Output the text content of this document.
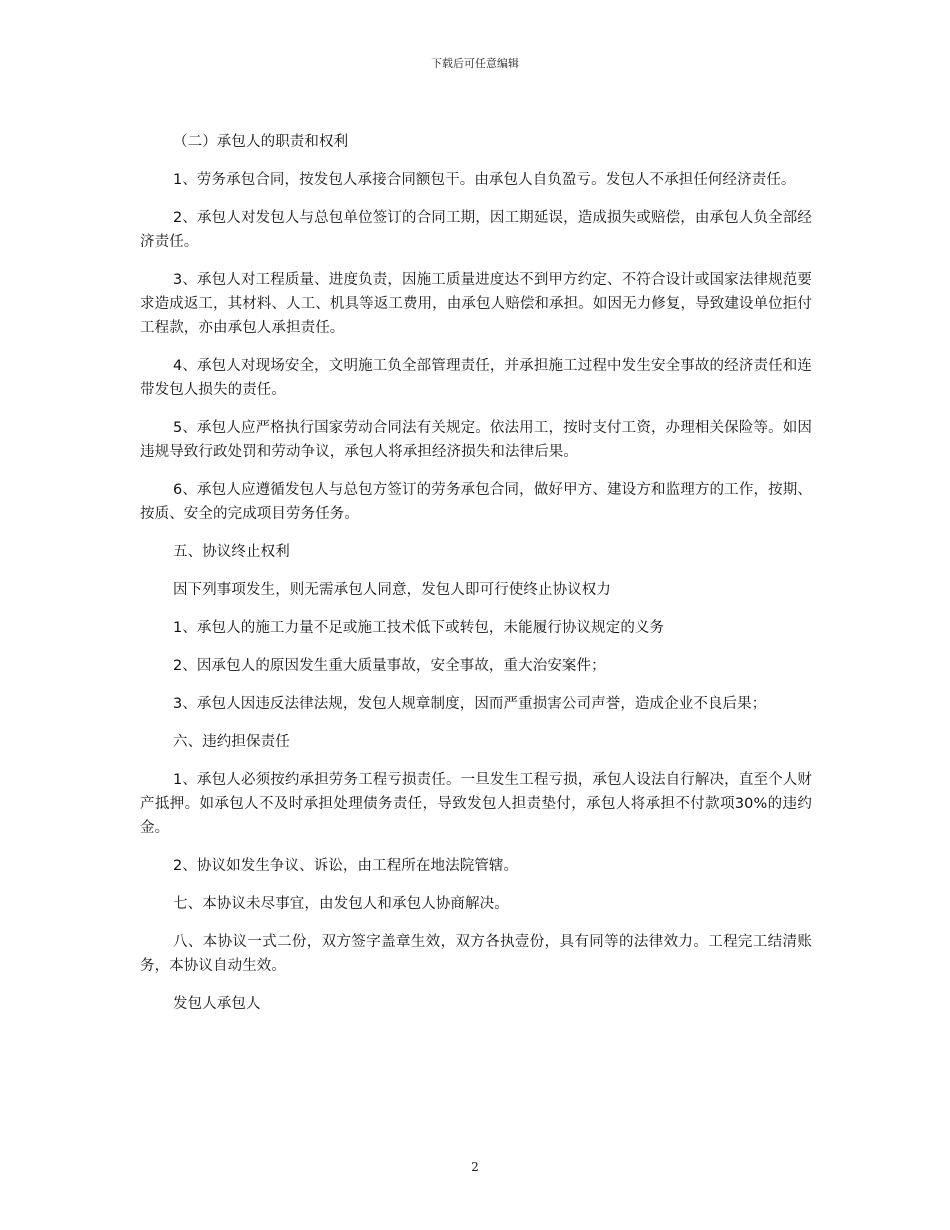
下载后可任意编辑

（二）承包人的职责和权利

1、劳务承包合同，按发包人承接合同额包干。由承包人自负盈亏。发包人不承担任何经济责任。

2、承包人对发包人与总包单位签订的合同工期，因工期延误，造成损失或赔偿，由承包人负全部经济责任。

3、承包人对工程质量、进度负责，因施工质量进度达不到甲方约定、不符合设计或国家法律规范要求造成返工，其材料、人工、机具等返工费用，由承包人赔偿和承担。如因无力修复，导致建设单位拒付工程款，亦由承包人承担责任。

4、承包人对现场安全，文明施工负全部管理责任，并承担施工过程中发生安全事故的经济责任和连带发包人损失的责任。

5、承包人应严格执行国家劳动合同法有关规定。依法用工，按时支付工资，办理相关保险等。如因违规导致行政处罚和劳动争议，承包人将承担经济损失和法律后果。

6、承包人应遵循发包人与总包方签订的劳务承包合同，做好甲方、建设方和监理方的工作，按期、按质、安全的完成项目劳务任务。

五、协议终止权利

因下列事项发生，则无需承包人同意，发包人即可行使终止协议权力

1、承包人的施工力量不足或施工技术低下或转包，未能履行协议规定的义务

2、因承包人的原因发生重大质量事故，安全事故，重大治安案件；

3、承包人因违反法律法规，发包人规章制度，因而严重损害公司声誉，造成企业不良后果；

六、违约担保责任

1、承包人必须按约承担劳务工程亏损责任。一旦发生工程亏损，承包人设法自行解决，直至个人财产抵押。如承包人不及时承担处理债务责任，导致发包人担责垫付，承包人将承担不付款项30%的违约金。

2、协议如发生争议、诉讼，由工程所在地法院管辖。

七、本协议未尽事宜，由发包人和承包人协商解决。

八、本协议一式二份，双方签字盖章生效，双方各执壹份，具有同等的法律效力。工程完工结清账务，本协议自动生效。

发包人承包人

2
